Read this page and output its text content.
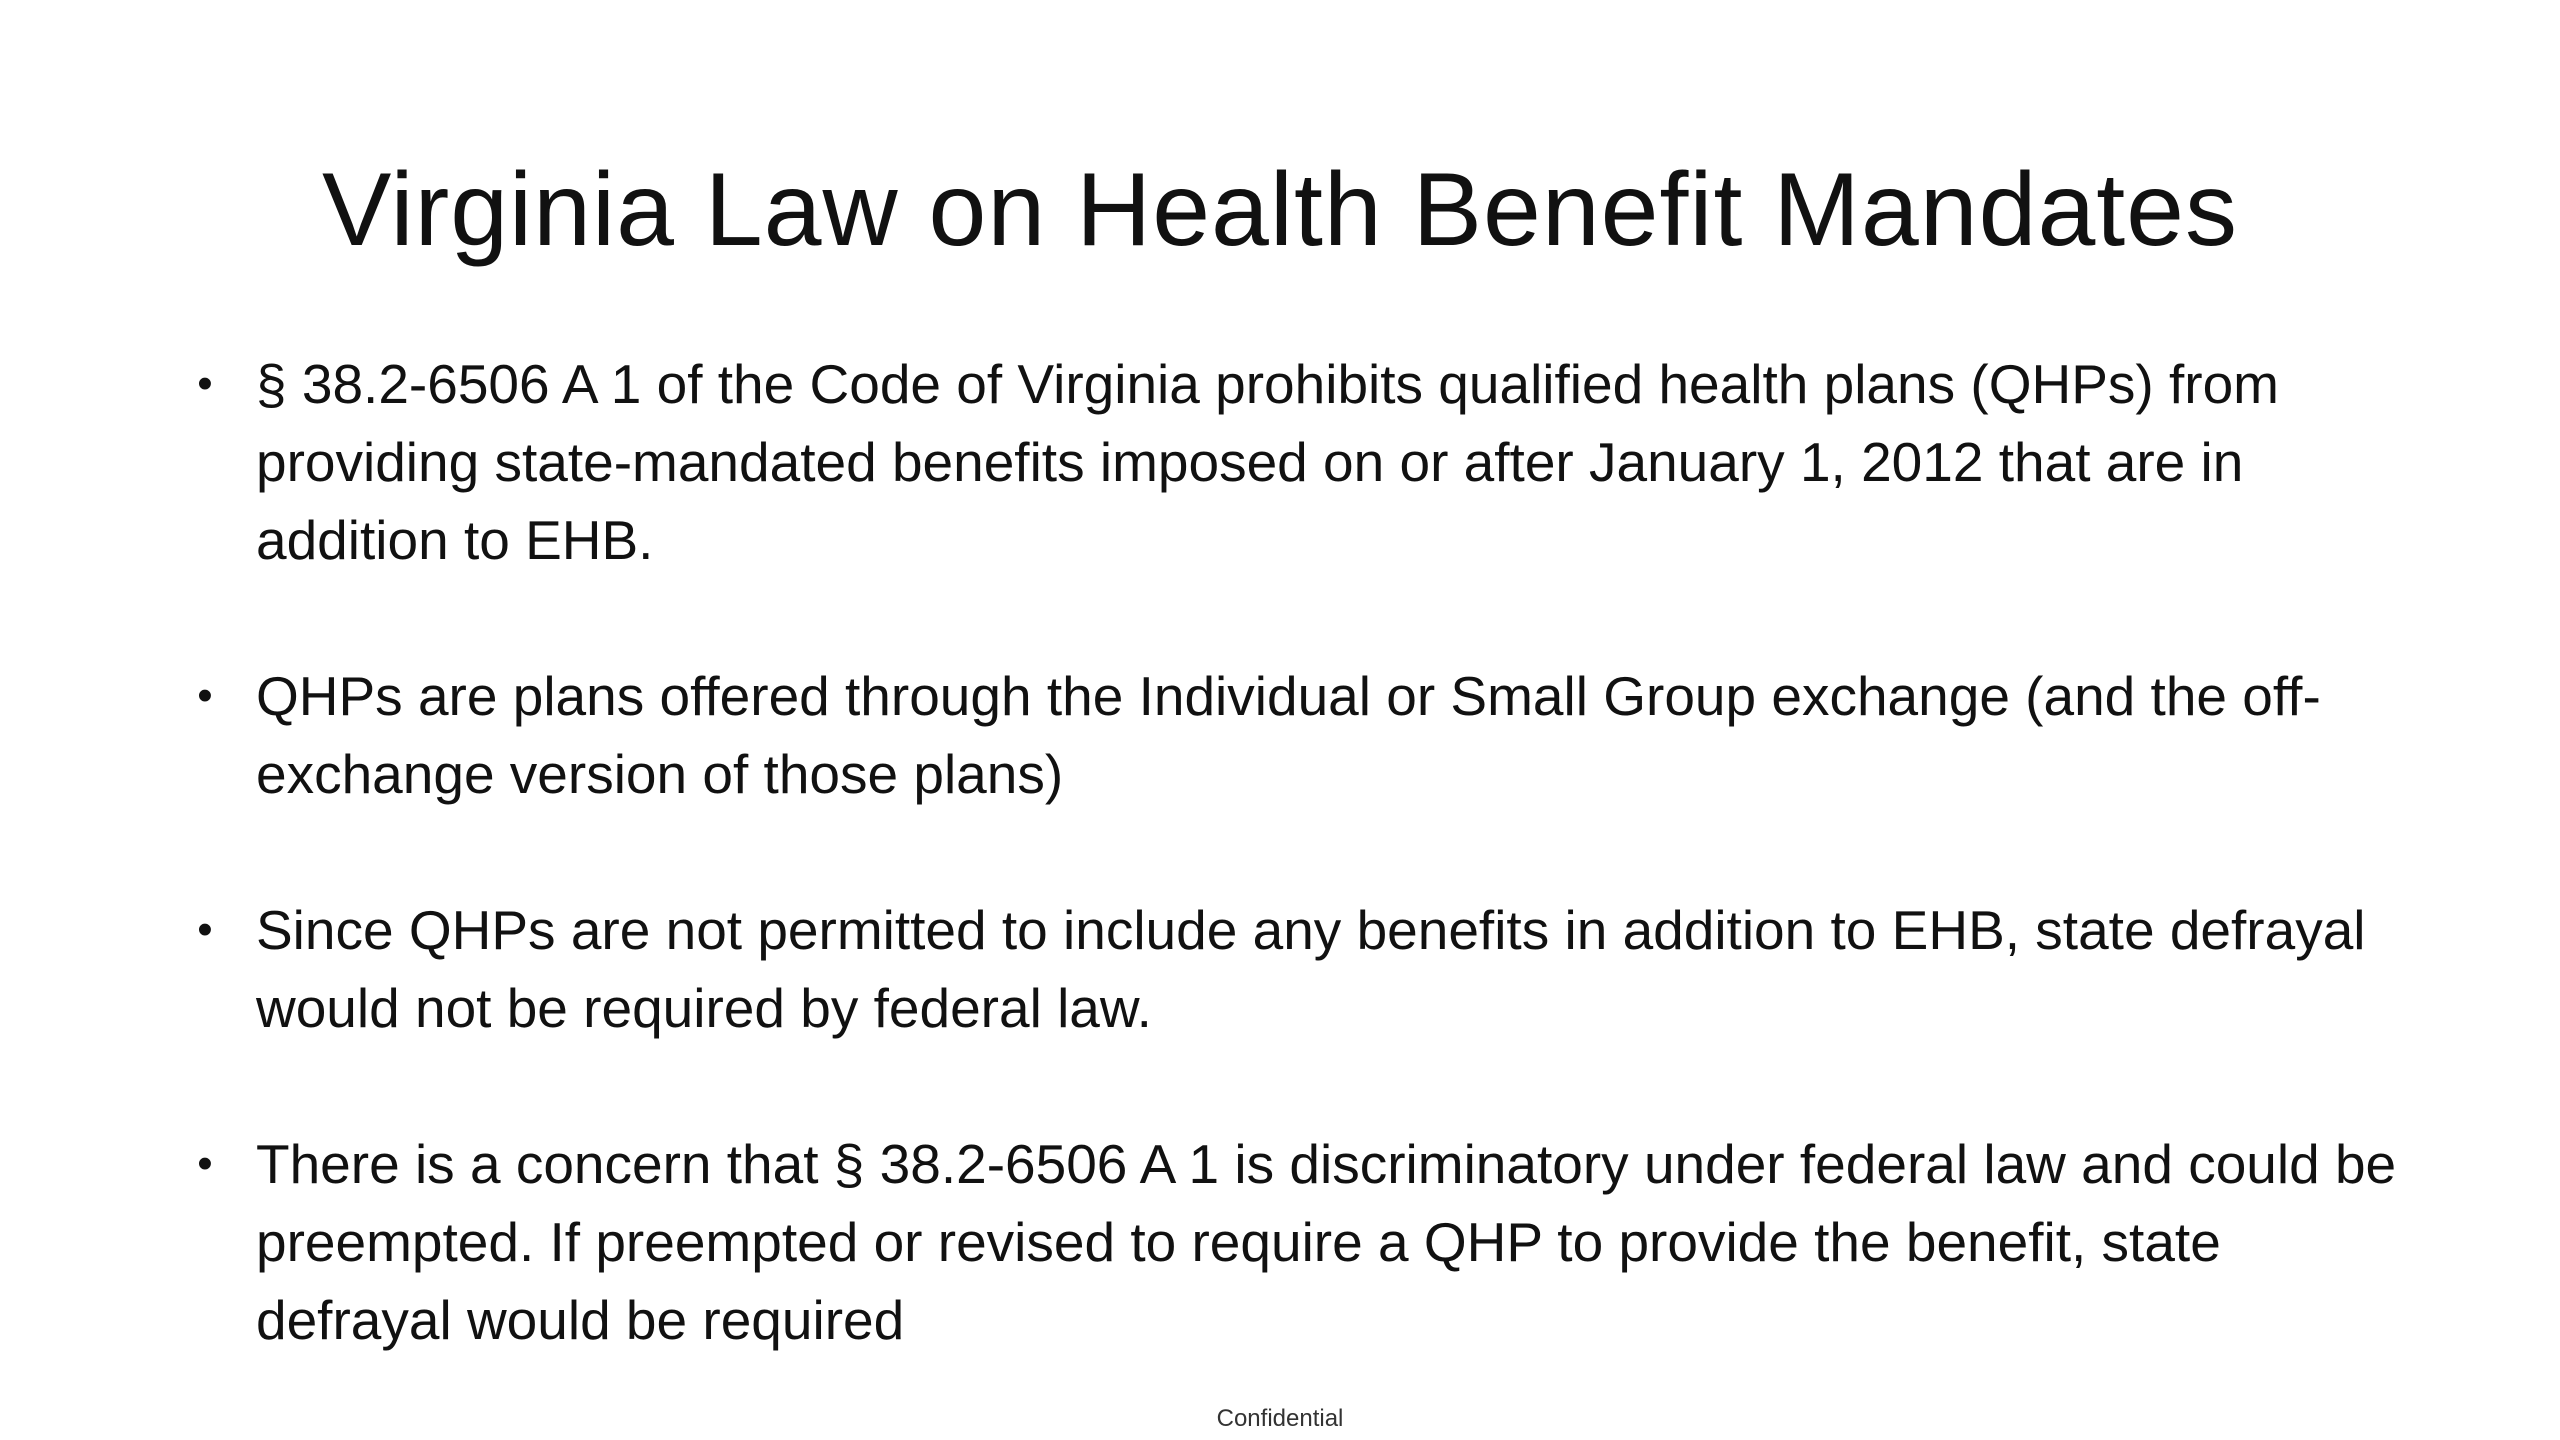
Virginia Law on Health Benefit Mandates
• § 38.2-6506 A 1 of the Code of Virginia prohibits qualified health plans (QHPs) from providing state-mandated benefits imposed on or after January 1, 2012 that are in addition to EHB.
• QHPs are plans offered through the Individual or Small Group exchange (and the off-exchange version of those plans)
• Since QHPs are not permitted to include any benefits in addition to EHB, state defrayal would not be required by federal law.
• There is a concern that § 38.2-6506 A 1 is discriminatory under federal law and could be preempted. If preempted or revised to require a QHP to provide the benefit, state defrayal would be required
Confidential
